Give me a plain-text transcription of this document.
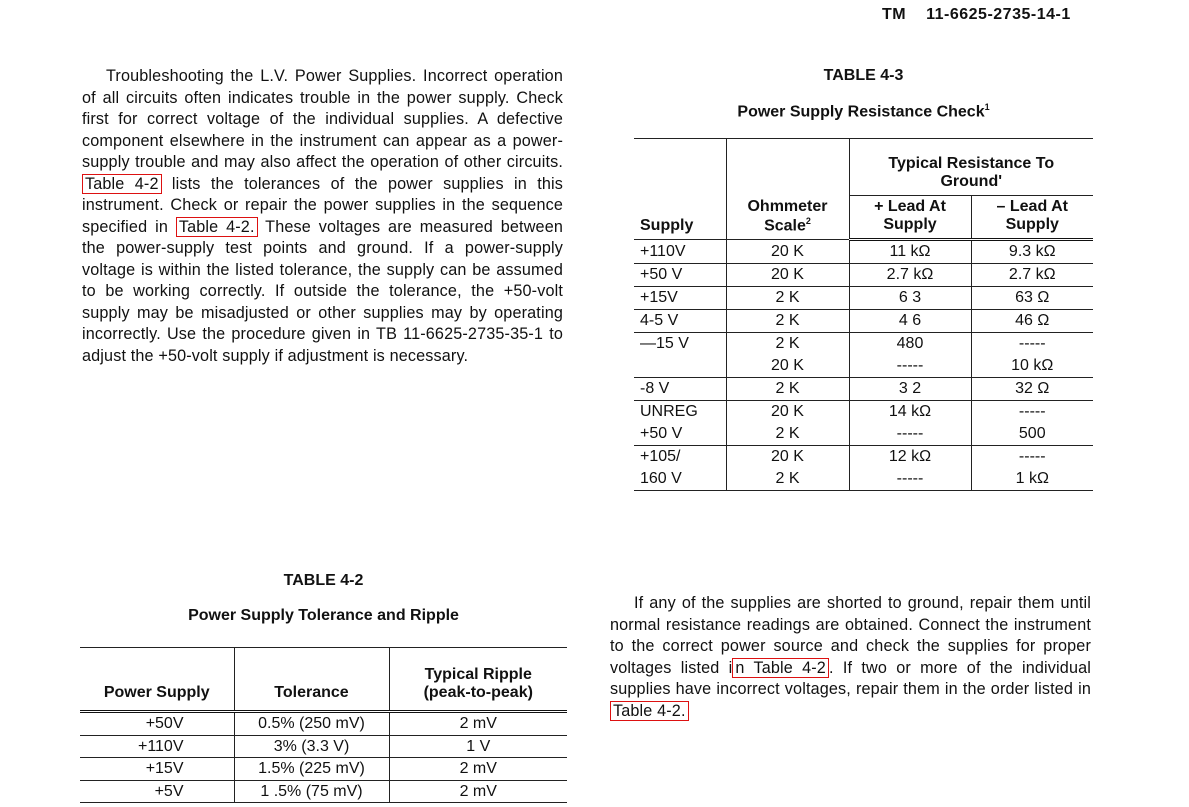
TM 11-6625-2735-14-1
Troubleshooting the L.V. Power Supplies. Incorrect operation of all circuits often indicates trouble in the power supply. Check first for correct voltage of the individual supplies. A defective component elsewhere in the instrument can appear as a power-supply trouble and may also affect the operation of other circuits. Table 4-2 lists the tolerances of the power supplies in this instrument. Check or repair the power supplies in the sequence specified in Table 4-2. These voltages are measured between the power-supply test points and ground. If a power-supply voltage is within the listed tolerance, the supply can be assumed to be working correctly. If outside the tolerance, the +50-volt supply may be misadjusted or other supplies may by operating incorrectly. Use the procedure given in TB 11-6625-2735-35-1 to adjust the +50-volt supply if adjustment is necessary.
TABLE 4-3
Power Supply Resistance Check$^1$
Supply	Ohmmeter Scale$^2$	Typical Resistance To Ground'	
		+ Lead At Supply	– Lead At Supply
+110V	20 K	11 kΩ	9.3 kΩ
+50 V	20 K	2.7 kΩ	2.7 kΩ
+15V	2 K	6 3	63 Ω
4-5 V	2 K	4 6	46 Ω
—15 V	2 K	480	-----
	20 K	-----	10 kΩ
-8 V	2 K	3 2	32 Ω
UNREG	20 K	14 kΩ	-----
+50 V	2 K	-----	500
+105/	20 K	12 kΩ	-----
160 V	2 K	-----	1 kΩ
TABLE 4-2
Power Supply Tolerance and Ripple
Power Supply	Tolerance	Typical Ripple (peak-to-peak)
+50V	0.5% (250 mV)	2 mV
+110V	3% (3.3 V)	1 V
+15V	1.5% (225 mV)	2 mV
+5V	1 .5% (75 mV)	2 mV
If any of the supplies are shorted to ground, repair them until normal resistance readings are obtained. Connect the instrument to the correct power source and check the supplies for proper voltages listed i n Table 4-2 . If two or more of the individual supplies have incorrect voltages, repair them in the order listed in Table 4-2.
